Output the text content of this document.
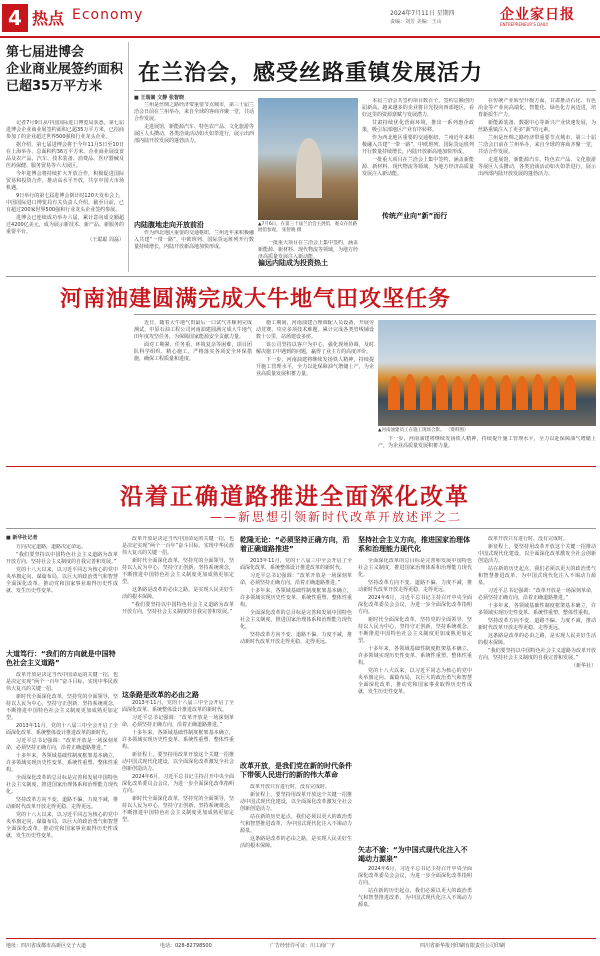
4 热点 Economy	2024年7月11日 星期四
责编：刘芳 美编：王山	企业家日报
ENTREPRENEUR'S DAILY
第七届进博会
企业商业展签约面积
已超35万平方米

记者7月9日从中国国际进口博览局获悉，第七届进博会企业商业展签约面积已超35万平方米，已招商参加了的企业超过世界500强和行业龙头企业。

据介绍，第七届进博会将于今年11月5日至10日在上海举办，总面积约36万平方米。企业商业展设食品及农产品、汽车、技术装备、消费品、医疗器械及医药保健、服务贸易等六大展区。

今年进博会将持续扩大开放合作，积极促进国际贸易和投资合作，推动高水平开放，共享中国大市场机遇。

9日举行的第七届进博会倒计时120天发布会上，中国国际进口博览局有关负责人介绍，截至目前，已有超过200家世界500强和行业龙头企业签约参展。

进博会已连续成功举办六届，累计意向成交额超过4200亿美元，成为展示新技术、新产品、新服务的重要平台。

（王聪聪 周磊）

在兰治会，感受丝路重镇发展活力
■ 王瑞嵩 文静 张智晓

兰州是丝绸之路经济带重要节点城市，第三十届兰洽会日前在兰州举办，来自全球的客商齐聚一堂，共话合作发展。

走进展馆，新能源汽车、特色农产品、文化旅游等展区人头攒动，各类洽谈活动如火如荼进行，展示出西部内陆开放发展的蓬勃活力。

内陆腹地走向开放前沿

作为西北地区重要的交通枢纽，兰州近年来积极融入共建“一带一路”，中欧班列、国际货运班列开行数量持续增长，内陆开放新高地加快形成。

▲7月6日，在第三十届兰洽会主展馆，观众在丝路展馆参观。 张智晓 摄

一批重大项目在兰洽会上集中签约，涵盖新能源、新材料、现代物流等领域，为地方经济高质量发展注入新动能。

偏远内陆成为投资热土

本届兰洽会共签约项目数百个，签约总额创历届新高。越来越多的企业将目光投向西部地区，看好这里的资源禀赋与发展潜力。

甘肃持续优化营商环境，推出一系列惠企政策，吸引东部地区产业有序转移。

作为西北地区重要的交通枢纽，兰州近年来积极融入共建“一带一路”，中欧班列、国际货运班列开行数量持续增长，内陆开放新高地加快形成。

一批重大项目在兰洽会上集中签约，涵盖新能源、新材料、现代物流等领域，为地方经济高质量发展注入新动能。

传统产业向“新”而行

在传统产业转型升级方面，甘肃推动石化、有色冶金等产业向高端化、智能化、绿色化方向迈进，培育新质生产力。

新能源装备、数据中心等新兴产业快速发展，为丝路重镇注入了更多“新”的元素。

兰州是丝绸之路经济带重要节点城市，第三十届兰洽会日前在兰州举办，来自全球的客商齐聚一堂，共话合作发展。

走进展馆，新能源汽车、特色农产品、文化旅游等展区人头攒动，各类洽谈活动如火如荼进行，展示出西部内陆开放发展的蓬勃活力。

河南油建圆满完成大牛地气田攻坚任务

近日，随着大牛地气田最后一口试气井顺利完成测试，中原石油工程公司河南油建圆满完成大牛地气田年度攻坚任务，为保障国家能源安全贡献力量。

面对工期紧、任务重、环境复杂等困难，项目团队科学组织、精心施工，严格落实各项安全环保措施，确保工程质量和进度。

施工期间，河南油建合理调配人员设备，开展劳动竞赛，攻克多项技术难题，累计完成各类管线铺设数十公里，站场建设多座。

该公司坚持以客户为中心，强化现场协调，及时解决施工中遇到的问题，赢得了业主方的高度评价。

下一步，河南油建将继续发扬铁人精神，持续提升施工管理水平，全力以赴保障油气增储上产，为企业高质量发展积蓄力量。

▲河南油建员工在施工现场合影。 （资料图）

下一步，河南油建将继续发扬铁人精神，持续提升施工管理水平，全力以赴保障油气增储上产，为企业高质量发展积蓄力量。

沿着正确道路推进全面深化改革
——新思想引领新时代改革开放述评之二
■ 新华社记者

方向决定道路，道路决定命运。

“我们要坚持以中国特色社会主义道路为改革开放方向，坚持社会主义制度的自我完善和发展。”

党的十八大以来，以习近平同志为核心的党中央举旗定向、谋篇布局，以巨大的政治勇气和智慧全面深化改革，推动党和国家事业取得历史性成就、发生历史性变革。

大道笃行：“我们的方向就是中国特色社会主义道路”

改革开放是决定当代中国命运的关键一招，也是决定实现“两个一百年”奋斗目标、实现中华民族伟大复兴的关键一招。

新时代全面深化改革，坚持党的全面领导，坚持以人民为中心，坚持守正创新，坚持系统观念，不断推进中国特色社会主义制度更加成熟更加定型。

2013年11月，党的十八届三中全会开启了全面深化改革、系统整体设计推进改革的新时代。

习近平总书记强调：“改革开放是一场深刻革命，必须坚持正确方向，沿着正确道路推进。”

十多年来，各领域基础性制度框架基本确立，许多领域实现历史性变革、系统性重塑、整体性重构。

全面深化改革的总目标是完善和发展中国特色社会主义制度，推进国家治理体系和治理能力现代化。

坚持改革方向不变、道路不偏、力度不减，推动新时代改革开放走得更稳、走得更远。

党的十八大以来，以习近平同志为核心的党中央举旗定向、谋篇布局，以巨大的政治勇气和智慧全面深化改革，推动党和国家事业取得历史性成就、发生历史性变革。

改革开放是决定当代中国命运的关键一招，也是决定实现“两个一百年”奋斗目标、实现中华民族伟大复兴的关键一招。

新时代全面深化改革，坚持党的全面领导，坚持以人民为中心，坚持守正创新，坚持系统观念，不断推进中国特色社会主义制度更加成熟更加定型。

这条路是改革的必由之路，是实现人民美好生活的根本保障。

“我们要坚持以中国特色社会主义道路为改革开放方向，坚持社会主义制度的自我完善和发展。”

这条路是改革的必由之路

2013年11月，党的十八届三中全会开启了全面深化改革、系统整体设计推进改革的新时代。

习近平总书记强调：“改革开放是一场深刻革命，必须坚持正确方向，沿着正确道路推进。”

十多年来，各领域基础性制度框架基本确立，许多领域实现历史性变革、系统性重塑、整体性重构。

新征程上，要坚持用改革开放这个关键一招推动中国式现代化建设，以全面深化改革激发全社会创新创造活力。

2024年6月，习近平总书记主持召开中央全面深化改革委员会会议，为进一步全面深化改革指明方向。

新时代全面深化改革，坚持党的全面领导，坚持以人民为中心，坚持守正创新，坚持系统观念，不断推进中国特色社会主义制度更加成熟更加定型。

乾隆无论：“必须坚持正确方向，沿着正确道路推进”

2013年11月，党的十八届三中全会开启了全面深化改革、系统整体设计推进改革的新时代。

习近平总书记强调：“改革开放是一场深刻革命，必须坚持正确方向，沿着正确道路推进。”

十多年来，各领域基础性制度框架基本确立，许多领域实现历史性变革、系统性重塑、整体性重构。

全面深化改革的总目标是完善和发展中国特色社会主义制度，推进国家治理体系和治理能力现代化。

坚持改革方向不变、道路不偏、力度不减，推动新时代改革开放走得更稳、走得更远。

改革开放，是我们党在新的时代条件下带领人民进行的新的伟大革命

改革开放只有进行时，没有完成时。

新征程上，要坚持用改革开放这个关键一招推动中国式现代化建设，以全面深化改革激发全社会创新创造活力。

站在新的历史起点，我们必须以更大的政治勇气和智慧推进改革，为中国式现代化注入不竭动力源泉。

这条路是改革的必由之路，是实现人民美好生活的根本保障。

坚持社会主义方向，推进国家治理体系和治理能力现代化

全面深化改革的总目标是完善和发展中国特色社会主义制度，推进国家治理体系和治理能力现代化。

坚持改革方向不变、道路不偏、力度不减，推动新时代改革开放走得更稳、走得更远。

2024年6月，习近平总书记主持召开中央全面深化改革委员会会议，为进一步全面深化改革指明方向。

新时代全面深化改革，坚持党的全面领导，坚持以人民为中心，坚持守正创新，坚持系统观念，不断推进中国特色社会主义制度更加成熟更加定型。

十多年来，各领域基础性制度框架基本确立，许多领域实现历史性变革、系统性重塑、整体性重构。

党的十八大以来，以习近平同志为核心的党中央举旗定向、谋篇布局，以巨大的政治勇气和智慧全面深化改革，推动党和国家事业取得历史性成就、发生历史性变革。

矢志不渝：“为中国式现代化注入不竭动力源泉”

2024年6月，习近平总书记主持召开中央全面深化改革委员会会议，为进一步全面深化改革指明方向。

站在新的历史起点，我们必须以更大的政治勇气和智慧推进改革，为中国式现代化注入不竭动力源泉。

改革开放只有进行时，没有完成时。

新征程上，要坚持用改革开放这个关键一招推动中国式现代化建设，以全面深化改革激发全社会创新创造活力。

站在新的历史起点，我们必须以更大的政治勇气和智慧推进改革，为中国式现代化注入不竭动力源泉。

习近平总书记强调：“改革开放是一场深刻革命，必须坚持正确方向，沿着正确道路推进。”

十多年来，各领域基础性制度框架基本确立，许多领域实现历史性变革、系统性重塑、整体性重构。

坚持改革方向不变、道路不偏、力度不减，推动新时代改革开放走得更稳、走得更远。

这条路是改革的必由之路，是实现人民美好生活的根本保障。

“我们要坚持以中国特色社会主义道路为改革开放方向，坚持社会主义制度的自我完善和发展。”

（新华社）

地址：四川省成都市高新区交子大道	电话：028-82798500	广告经营许可证：川工商广字	四川省新华报刊印刷有限责任公司印刷
